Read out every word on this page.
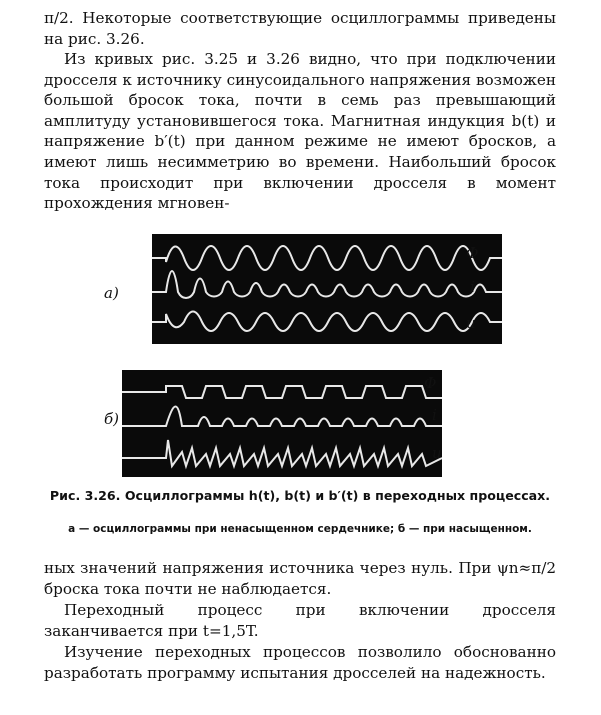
π/2. Некоторые соответствующие осциллограммы приведены на рис. 3.26.

Из кривых рис. 3.25 и 3.26 видно, что при подключении дросселя к источнику синусоидального напряжения возможен большой бросок тока, почти в семь раз превышающий амплитуду установившегося тока. Магнитная индукция b(t) и напряжение b′(t) при данном режиме не имеют бросков, а имеют лишь несимметрию во времени. Наибольший бросок тока происходит при включении дросселя в момент прохождения мгновен-

а)
Ф
i
u
б)
Ф
i
u
Рис. 3.26. Осциллограммы h(t), b(t) и b′(t) в переходных процессах.
а — осциллограммы при ненасыщенном сердечнике; б — при насыщенном.

ных значений напряжения источника через нуль. При ψn≈π/2 броска тока почти не наблюдается.

Переходный процесс при включении дросселя заканчивается при t=1,5T.

Изучение переходных процессов позволило обоснованно разработать программу испытания дросселей на надежность.
